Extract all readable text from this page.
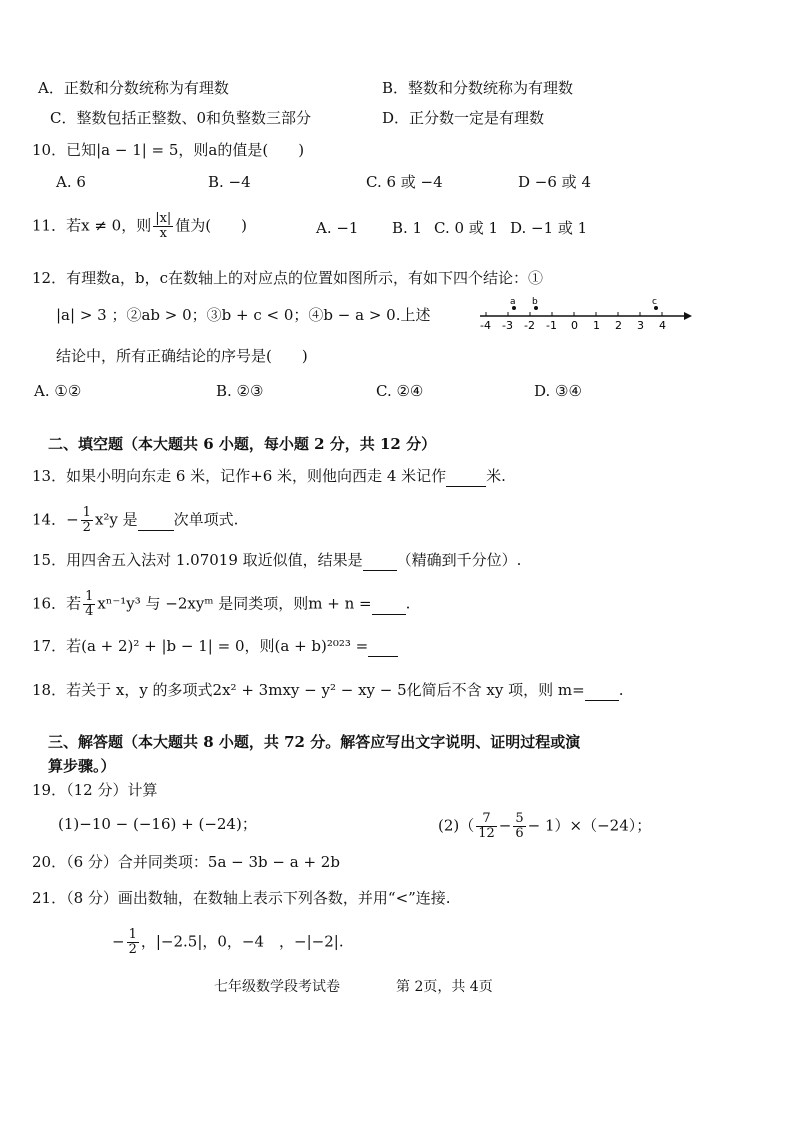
A．正数和分数统称为有理数	B．整数和分数统称为有理数
C．整数包括正整数、0和负整数三部分	D．正分数一定是有理数
10．已知|a − 1| = 5，则a的值是(　　)
A. 6	B. −4	C. 6 或 −4	D −6 或 4
11．若x ≠ 0，则 $\frac{|x|}{x}$ 值为(　　)	A. −1 B. 1 C. 0 或 1 D. −1 或 1
12．有理数a，b，c在数轴上的对应点的位置如图所示，有如下四个结论：①
|a| > 3 ；②ab > 0；③b + c < 0；④b − a > 0.上述
-4 -3 -2 -1 0 1 2 3 4
a b	c
结论中，所有正确结论的序号是(　　)
A. ①②	B. ②③	C. ②④	D. ③④
二、填空题（本大题共 6 小题，每小题 2 分，共 12 分）
13．如果小明向东走 6 米，记作+6 米，则他向西走 4 米记作	米.
14．− $\frac{1}{2} x^2y$ 是 次单项式.
15．用四舍五入法对 1.07019 取近似值，结果是 （精确到千分位）.
16．若 $\frac{1}{4} x^{n-1}y^3$ 与 −2xyᵐ 是同类项，则m + n = .
17．若(a + 2)² + |b − 1| = 0，则(a + b)²⁰²³ =
18．若关于 x，y 的多项式2x² + 3mxy − y² − xy − 5化简后不含 xy 项，则 m= .
三、解答题（本大题共 8 小题，共 72 分。解答应写出文字说明、证明过程或演
算步骤。）
19．（12 分）计算
(1)−10 − (−16) + (−24)；	$(2)( \frac{7}{12} - \frac{5}{6} - 1)\times(-24)$；
20．（6 分）合并同类项：5a − 3b − a + 2b
21．（8 分）画出数轴，在数轴上表示下列各数，并用“<”连接.
− $\frac{1}{2}$ ，|−2.5|，0，−4　，−|−2|.
七年级数学段考试卷	第 2页，共 4页
